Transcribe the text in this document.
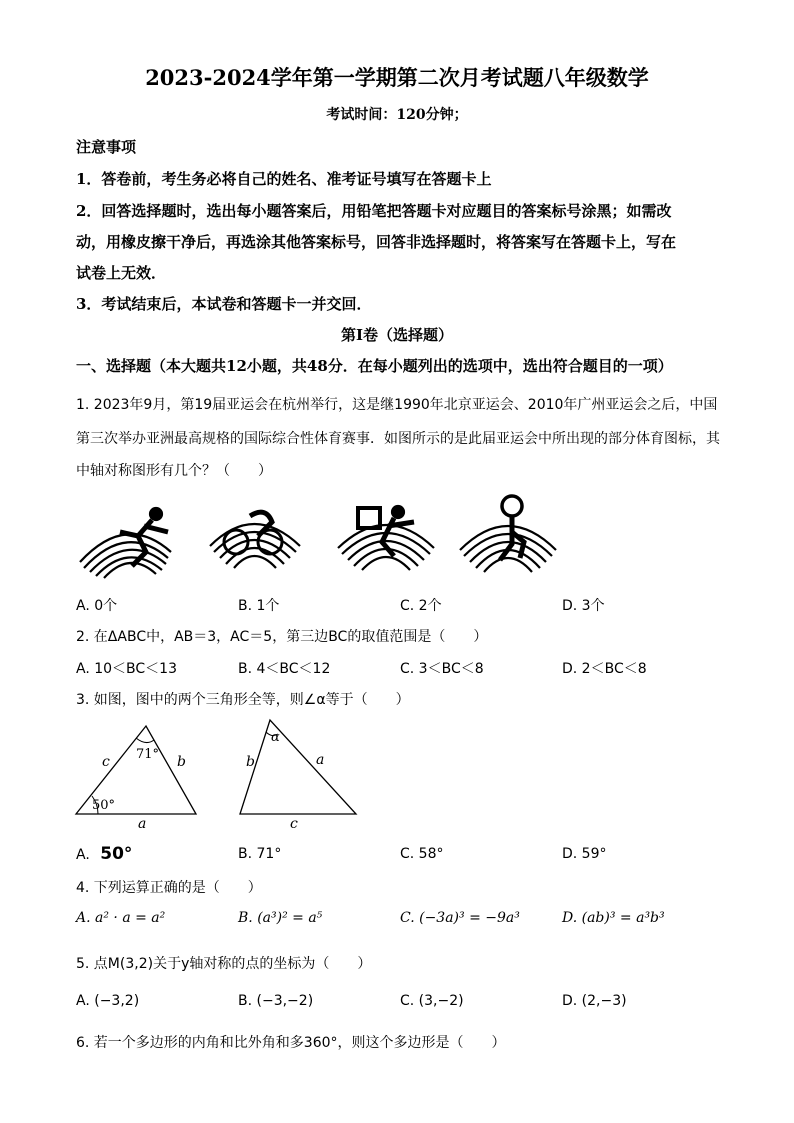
2023-2024学年第一学期第二次月考试题八年级数学
考试时间：120分钟；
注意事项
1．答卷前，考生务必将自己的姓名、准考证号填写在答题卡上
2．回答选择题时，选出每小题答案后，用铅笔把答题卡对应题目的答案标号涂黑；如需改
动，用橡皮擦干净后，再选涂其他答案标号，回答非选择题时，将答案写在答题卡上，写在
试卷上无效．
3．考试结束后，本试卷和答题卡一并交回．
第I卷（选择题）
一、选择题（本大题共12小题，共48分．在每小题列出的选项中，选出符合题目的一项）
1. 2023年9月，第19届亚运会在杭州举行，这是继1990年北京亚运会、2010年广州亚运会之后，中国
第三次举办亚洲最高规格的国际综合性体育赛事．如图所示的是此届亚运会中所出现的部分体育图标，其
中轴对称图形有几个？（　　）
A. 0个	B. 1个	C. 2个	D. 3个
2. 在ΔABC中，AB＝3，AC＝5，第三边BC的取值范围是（　　）
A. 10＜BC＜13	B. 4＜BC＜12	C. 3＜BC＜8	D. 2＜BC＜8
3. 如图，图中的两个三角形全等，则∠α等于（　　）
71°
50°
c	b
a
α
b	a
c
A. 50°	B. 71°	C. 58°	D. 59°
4. 下列运算正确的是（　　）
A. a² · a = a²	B. (a³)² = a⁵	C. (−3a)³ = −9a³	D. (ab)³ = a³b³
5. 点M(3,2)关于y轴对称的点的坐标为（　　）
A. (−3,2)	B. (−3,−2)	C. (3,−2)	D. (2,−3)
6. 若一个多边形的内角和比外角和多360°，则这个多边形是（　　）
